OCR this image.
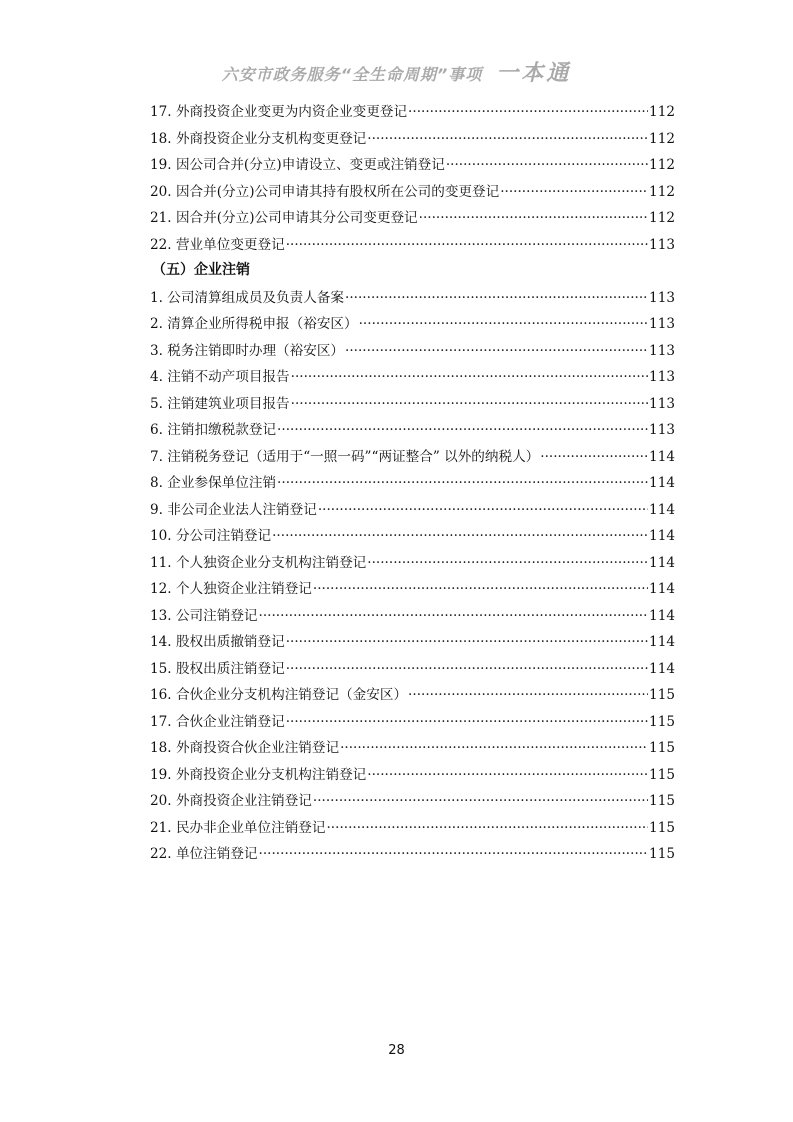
六安市政务服务“全生命周期”事项 一本通
17. 外商投资企业变更为内资企业变更登记 ·····	112
18. 外商投资企业分支机构变更登记 ·····	112
19. 因公司合并(分立)申请设立、变更或注销登记 ·····	112
20. 因合并(分立)公司申请其持有股权所在公司的变更登记 ·····	112
21. 因合并(分立)公司申请其分公司变更登记 ·····	112
22. 营业单位变更登记 ·····	113
（五）企业注销
1. 公司清算组成员及负责人备案 ·····	113
2. 清算企业所得税申报（裕安区） ·····	113
3. 税务注销即时办理（裕安区） ·····	113
4. 注销不动产项目报告 ·····	113
5. 注销建筑业项目报告 ·····	113
6. 注销扣缴税款登记 ·····	113
7. 注销税务登记（适用于“一照一码”“两证整合” 以外的纳税人） ·····	114
8. 企业参保单位注销 ·····	114
9. 非公司企业法人注销登记 ·····	114
10. 分公司注销登记 ·····	114
11. 个人独资企业分支机构注销登记 ·····	114
12. 个人独资企业注销登记 ·····	114
13. 公司注销登记 ·····	114
14. 股权出质撤销登记 ·····	114
15. 股权出质注销登记 ·····	114
16. 合伙企业分支机构注销登记（金安区） ·····	115
17. 合伙企业注销登记 ·····	115
18. 外商投资合伙企业注销登记 ·····	115
19. 外商投资企业分支机构注销登记 ·····	115
20. 外商投资企业注销登记 ·····	115
21. 民办非企业单位注销登记 ·····	115
22. 单位注销登记 ·····	115
28
